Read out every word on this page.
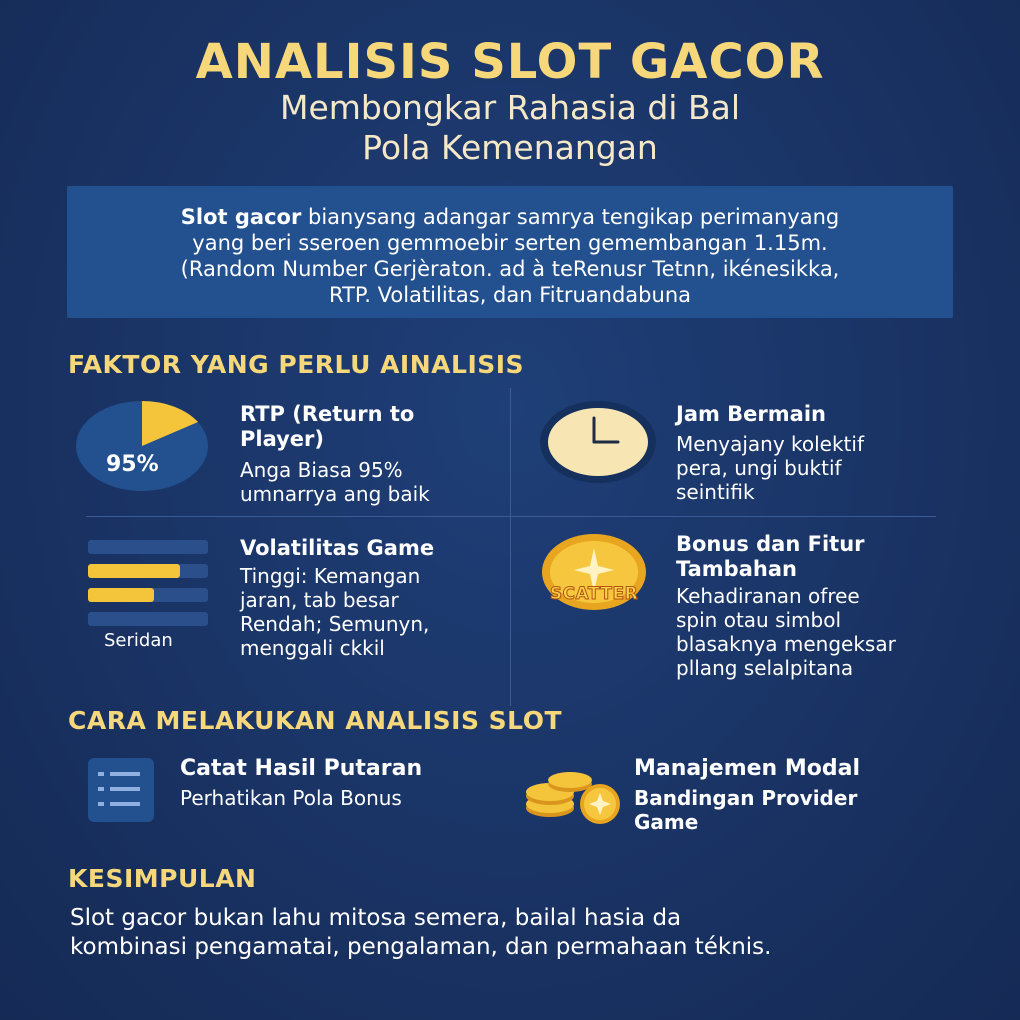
ANALISIS SLOT GACOR
Membongkar Rahasia di Bal
Pola Kemenangan
Slot gacor bianysang adangar samrya tengikap perimanyang
yang beri sseroen gemmoebir serten gemembangan 1.15m.
(Random Number Gerjèraton. ad à teRenusr Tetnn, ikénesikka,
RTP. Volatilitas, dan Fitruandabuna
FAKTOR YANG PERLU AINALISIS
95%
RTP (Return to
Player)
Anga Biasa 95%
umnarrya ang baik
Jam Bermain
Menyajany kolektif
pera, ungi buktif
seintifik
Seridan
Volatilitas Game
Tinggi: Kemangan
jaran, tab besar
Rendah; Semunyn,
menggali ckkil
SCATTER
Bonus dan Fitur
Tambahan
Kehadiranan ofree
spin otau simbol
blasaknya mengeksar
pllang selalpitana
CARA MELAKUKAN ANALISIS SLOT
Catat Hasil Putaran
Perhatikan Pola Bonus
Manajemen Modal
Bandingan Provider
Game
KESIMPULAN
Slot gacor bukan lahu mitosa semera, bailal hasia da
kombinasi pengamatai, pengalaman, dan permahaan téknis.
